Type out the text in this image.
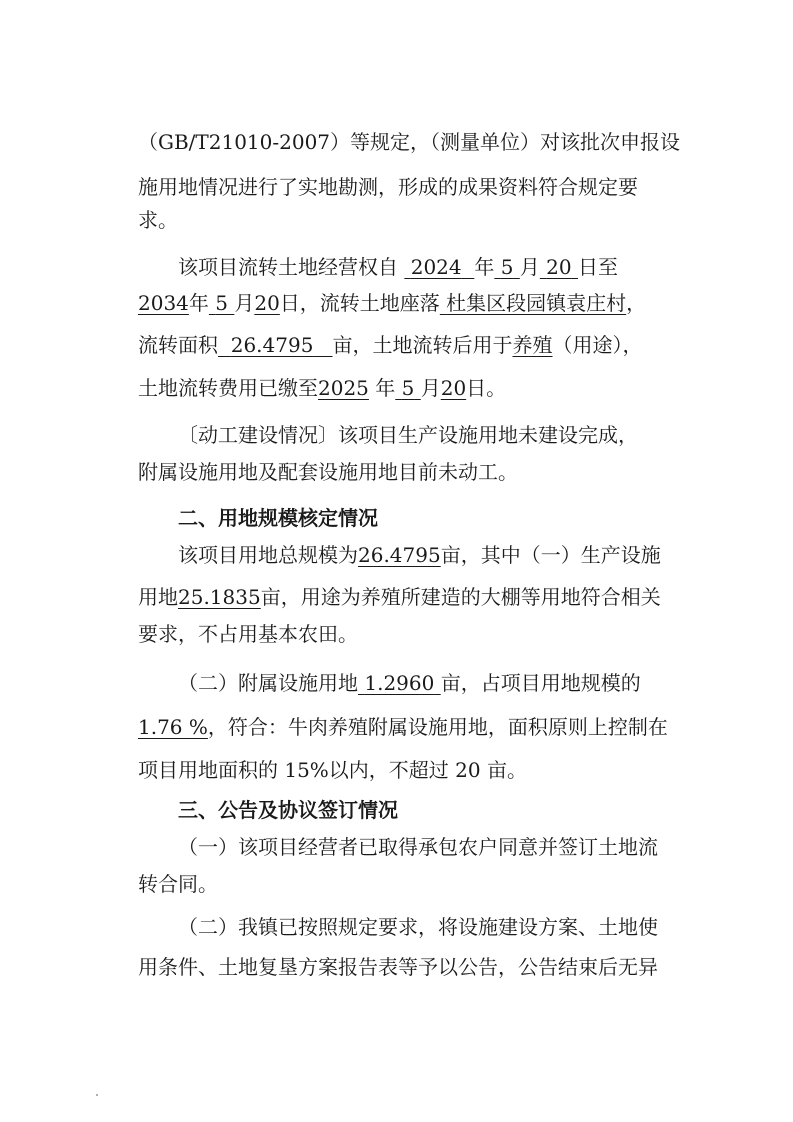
（GB/T21010-2007）等规定，（测量单位）对该批次申报设
施用地情况进行了实地勘测，形成的成果资料符合规定要
求。
该项目流转土地经营权自 2024 年 5 月 20 日至
2034年 5 月20日，流转土地座落 杜集区段园镇袁庄村，
流转面积 26.4795 亩，土地流转后用于养殖（用途），
土地流转费用已缴至2025 年 5 月20日。
〔动工建设情况〕该项目生产设施用地未建设完成，
附属设施用地及配套设施用地目前未动工。
二、用地规模核定情况
该项目用地总规模为26.4795亩，其中（一）生产设施
用地25.1835亩，用途为养殖所建造的大棚等用地符合相关
要求，不占用基本农田。
（二）附属设施用地 1.2960 亩，占项目用地规模的
1.76 %，符合：牛肉养殖附属设施用地，面积原则上控制在
项目用地面积的 15%以内，不超过 20 亩。
三、公告及协议签订情况
（一）该项目经营者已取得承包农户同意并签订土地流
转合同。
（二）我镇已按照规定要求，将设施建设方案、土地使
用条件、土地复垦方案报告表等予以公告，公告结束后无异
